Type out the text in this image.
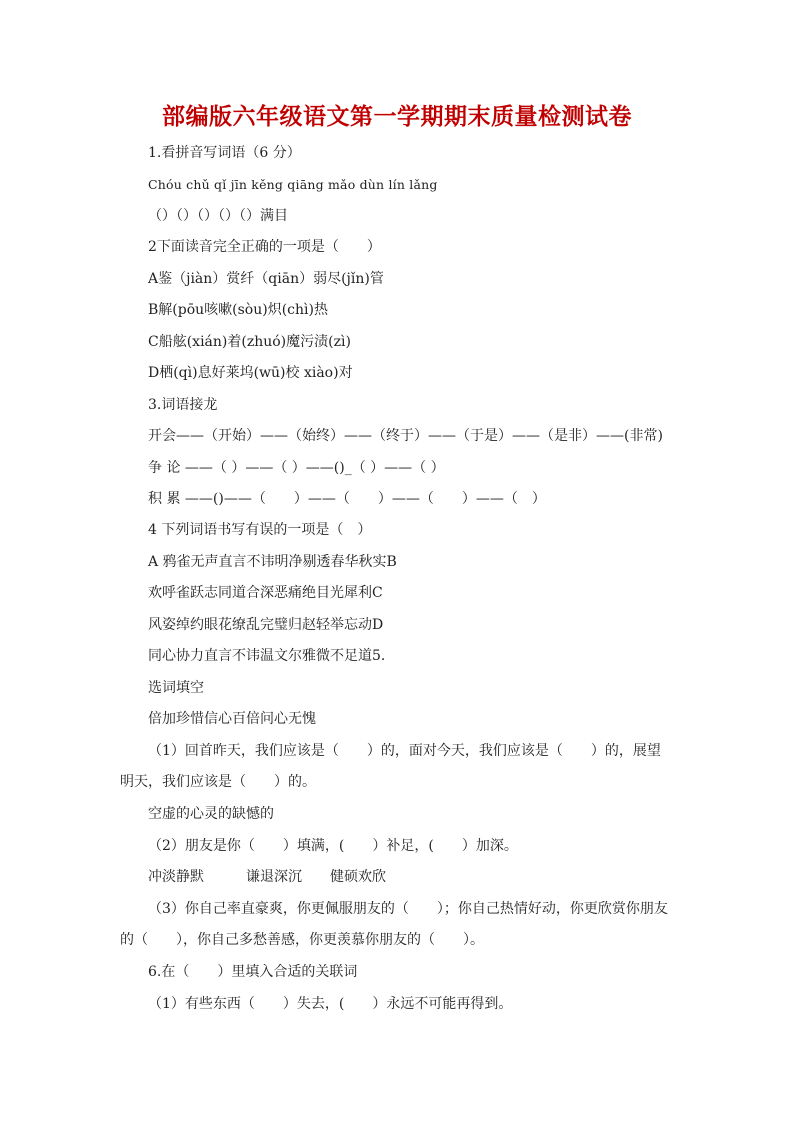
部编版六年级语文第一学期期末质量检测试卷
1.看拼音写词语（6 分）
Chóu chǔ qǐ jīn kěng qiāng mǎo dùn lín lǎng
（）（）（）（）（）满目
2下面读音完全正确的一项是（　　）
A鉴（jiàn）赏纤（qiān）弱尽(jǐn)管
B解(pōu咳嗽(sòu)炽(chì)热
C船舷(xián)着(zhuó)魔污渍(zì)
D栖(qì)息好莱坞(wū)校 xiào)对
3.词语接龙
开会——（开始）——（始终）——（终于）——（于是）——（是非）——(非常)
争 论 ——（ ）——（ ）——()_（ ）——（ ）
积 累 ——()——（　　）——（　　）——（　　）——（　）
4 下列词语书写有误的一项是（　）
A 鸦雀无声直言不讳明净剔透春华秋实B
欢呼雀跃志同道合深恶痛绝目光犀利C
风姿绰约眼花缭乱完璧归赵轻举忘动D
同心协力直言不讳温文尔雅微不足道5.
选词填空
倍加珍惜信心百倍问心无愧
（1）回首昨天，我们应该是（　　）的，面对今天，我们应该是（　　）的，展望明天，我们应该是（　　）的。
空虚的心灵的缺憾的
（2）朋友是你（　　）填满，(　　）补足，(　　）加深。
冲淡静默　　　谦退深沉　　健硕欢欣
（3）你自己率直豪爽，你更佩服朋友的（　　）；你自己热情好动，你更欣赏你朋友的（　　），你自己多愁善感，你更羡慕你朋友的（　　）。
6.在（　　）里填入合适的关联词
（1）有些东西（　　）失去，(　　）永远不可能再得到。
